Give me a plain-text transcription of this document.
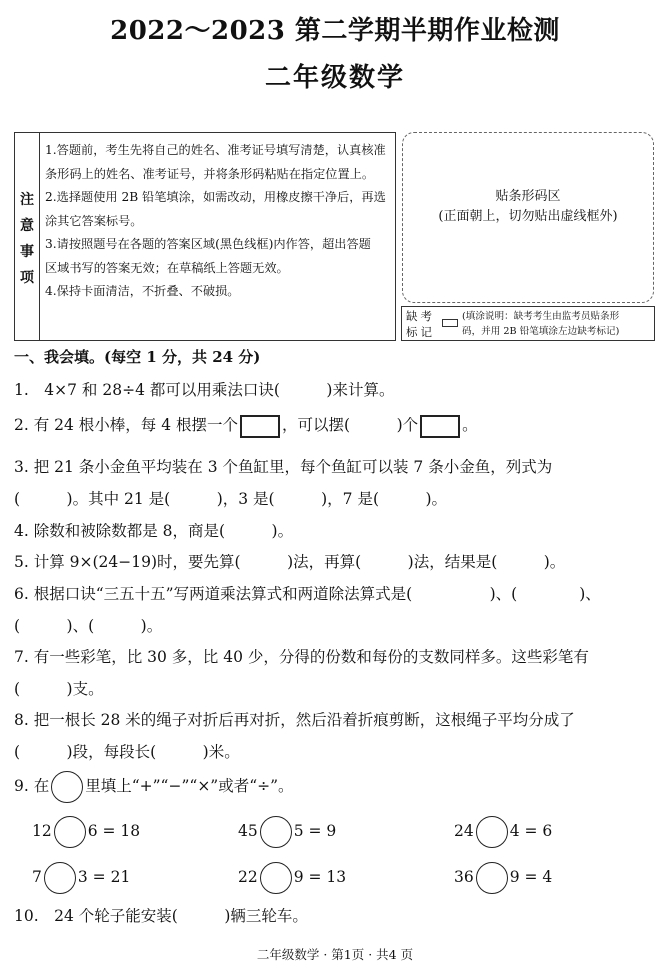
2022～2023 第二学期半期作业检测
二年级数学
注
意
事
项
1.答题前，考生先将自己的姓名、准考证号填写清楚，认真核准
条形码上的姓名、准考证号，并将条形码粘贴在指定位置上。
2.选择题使用 2B 铅笔填涂，如需改动，用橡皮擦干净后，再选
涂其它答案标号。
3.请按照题号在各题的答案区域(黑色线框)内作答，超出答题
区域书写的答案无效；在草稿纸上答题无效。
4.保持卡面清洁，不折叠、不破损。
贴条形码区
(正面朝上，切勿贴出虚线框外)
缺考
标记
(填涂说明：缺考考生由监考员贴条形
码，并用 2B 铅笔填涂左边缺考标记)
一、我会填。(每空 1 分，共 24 分)
1.　4×7 和 28÷4 都可以用乘法口诀(　　　)来计算。
2. 有 24 根小棒，每 4 根摆一个	，可以摆(　　　)个	。
3. 把 21 条小金鱼平均装在 3 个鱼缸里，每个鱼缸可以装 7 条小金鱼，列式为
(　　　)。其中 21 是(　　　)，3 是(　　　)，7 是(　　　)。
4. 除数和被除数都是 8，商是(　　　)。
5. 计算 9×(24−19)时，要先算(　　　)法，再算(　　　)法，结果是(　　　)。
6. 根据口诀“三五十五”写两道乘法算式和两道除法算式是(　　　　　)、(　　　　)、
(　　　)、(　　　)。
7. 有一些彩笔，比 30 多，比 40 少，分得的份数和每份的支数同样多。这些彩笔有
(　　　)支。
8. 把一根长 28 米的绳子对折后再对折，然后沿着折痕剪断，这根绳子平均分成了
(　　　)段，每段长(　　　)米。
9. 在 里填上“+”“−”“×”或者“÷”。
12 6 = 18	45 5 = 9	24 4 = 6
7 3 = 21	22 9 = 13	36 9 = 4
10.　24 个轮子能安装(　　　)辆三轮车。
二年级数学 · 第1页 · 共4 页
